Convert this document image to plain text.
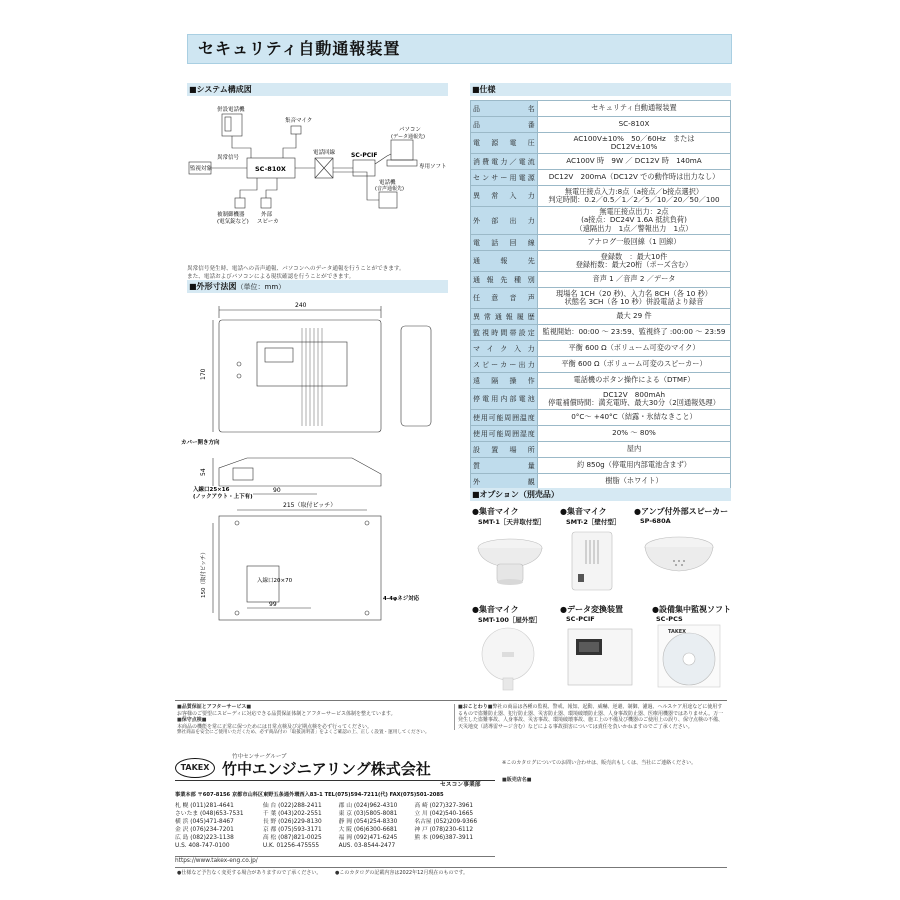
セキュリティ自動通報装置
■システム構成図
併設電話機
集音マイク
異常信号
監視対象	SC-810X
電話回線	SC-PCIF
パソコン
(データ通報先)
専用ソフト
電話機
(音声通報先)
被制御機器
(電気錠など)
外部
スピーカ
異常信号発生時、電話への音声通報、パソコンへのデータ通報を行うことができます。
また、電話およびパソコンによる現状確認を行うことができます。
■外形寸法図（単位：mm）
240
170
カバー開き方向
54
入線口25×16
(ノックアウト・上下有)
90
215（取付ピッチ）
150（取付ピッチ）	入線口20×70
99
4-4φネジ対応
■仕様
品　　　名	セキュリティ自動通報装置

品　　　番	SC-810X

電源電圧	AC100V±10%　50／60Hz　または
DC12V±10%

消費電力／電流	AC100V 時　9W ／ DC12V 時　140mA

センサー用電源	DC12V　200mA（DC12V での動作時は出力なし）

異常入力	無電圧接点入力:8点（a接点／b接点選択）
判定時間：0.2／0.5／1／2／5／10／20／50／100

外部出力	無電圧接点出力：2点
(a接点：DC24V 1.6A 抵抗負荷)
（遠隔出力　1点／警報出力　1点）

電話回線	アナログ一般回線（1 回線）

通報先	登録数　：最大10件
登録桁数：最大20桁（ポーズ含む）

通報先種別	音声 1 ／音声 2 ／データ

任意音声	現場名 1CH（20 秒)、入力名 8CH（各 10 秒）
状態名 3CH（各 10 秒）併設電話より録音

異常通報履歴	最大 29 件

監視時間帯設定	監視開始：00:00 ～ 23:59、監視終了 :00:00 ～ 23:59

マイク入力	平衡 600 Ω（ボリューム可変のマイク）

スピーカー出力	平衡 600 Ω（ボリューム可変のスピーカー）

遠隔操作	電話機のボタン操作による（DTMF）

停電用内部電池	DC12V　800mAh
停電補償時間：満充電時、最大30分（2回通報処理）

使用可能周囲温度	0°C～ +40°C（結露・氷結なきこと）

使用可能周囲湿度	20% ～ 80%

設置場所	屋内

質　　量	約 850g（停電用内部電池含まず）

外　　観	樹脂（ホワイト）
■オプション（別売品）
●集音マイク
SMT-1［天井取付型］
●集音マイク
SMT-2［壁付型］
●アンプ付外部スピーカー
SP-680A
●集音マイク
SMT-100［屋外型］
●データ変換装置
SC-PCIF
●設備集中監視ソフト
SC-PCS
TAKEX
■品質保証とアフターサービス■
お客様のご要望にスピーディに対応できる品質保証体制とアフターサービス体制を整えています。
■保守点検■
本商品の機能を常に正常に保つためには日常点検及び定期点検を必ず行ってください。
弊社商品を安全にご使用いただくため、必ず商品付の「取扱説明書」をよくご確認の上、正しく設置・運用してください。
■おことわり■弊社の商品は各種の監視、警戒、報知、起動、威嚇、逆避、制御、濾過、ヘルスケア用途などに使用するもので盗難防止器、犯行防止器、災害防止器、環境破壊防止器、人身事故防止器、医療用機器ではありません。万一発生した盗難事故、人身事故、災害事故、環境破壊事故、施工上の不備及び機器のご使用上の誤り、保守点検の不備、天災地変（誘導雷サージ含む）などによる事故損害については責任を負いかねますのでご了承ください。
※このカタログについてのお問い合わせは、販売店もしくは、当社にご連絡ください。
■販売店名■
竹中センサーグループ
TAKEX 竹中エンジニアリング株式会社
セスコン事業部
事業本部 〒607-8156 京都市山科区東野五条通外環西入83-1 TEL(075)594-7211(代) FAX(075)501-2085
札 幌 (011)281-4641	仙 台 (022)288-2411	郡 山 (024)962-4310	高 崎 (027)327-3961
さいたま (048)653-7531	千 葉 (043)202-2551	東 京 (03)5805-8081	立 川 (042)540-1665
横 浜 (045)471-8467	長 野 (026)229-8130	静 岡 (054)254-8330	名古屋 (052)209-9366
金 沢 (076)234-7201	京 都 (075)593-3171	大 阪 (06)6300-6681	神 戸 (078)230-6112
広 島 (082)223-1138	高 松 (087)821-0025	福 岡 (092)471-6245	熊 本 (096)387-3911
U.S. 408-747-0100	U.K. 01256-475555	AUS. 03-8544-2477	
https://www.takex-eng.co.jp/
●仕様など予告なく変更する場合がありますので了承ください。	●このカタログの記載内容は2022年12月現在のものです。
